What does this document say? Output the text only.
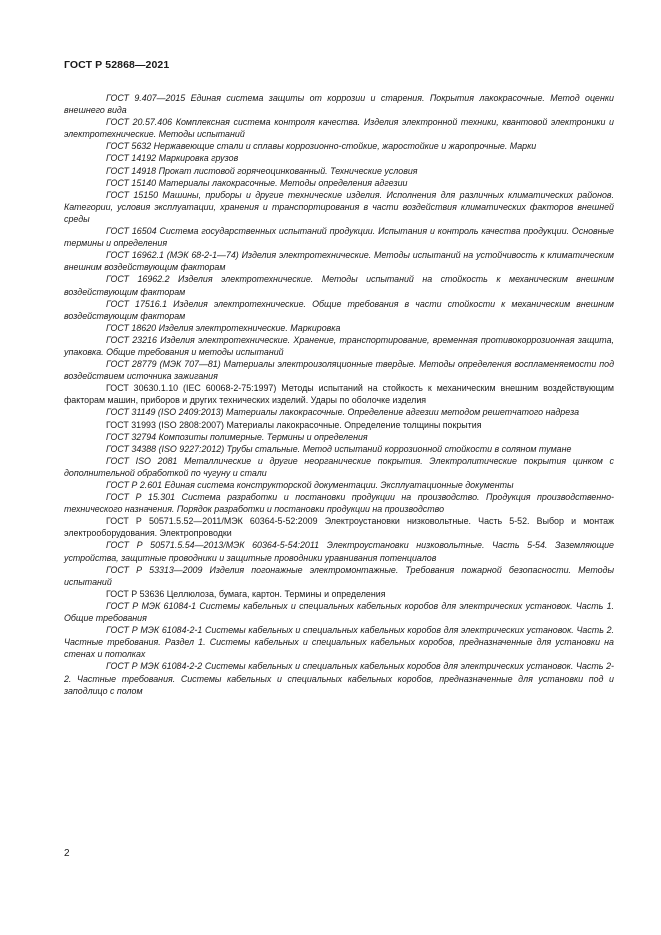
ГОСТ Р 52868—2021

ГОСТ 9.407—2015 Единая система защиты от коррозии и старения. Покрытия лакокрасочные. Метод оценки внешнего вида

ГОСТ 20.57.406 Комплексная система контроля качества. Изделия электронной техники, квантовой электроники и электротехнические. Методы испытаний

ГОСТ 5632 Нержавеющие стали и сплавы коррозионно-стойкие, жаростойкие и жаропрочные. Марки

ГОСТ 14192 Маркировка грузов

ГОСТ 14918 Прокат листовой горячеоцинкованный. Технические условия

ГОСТ 15140 Материалы лакокрасочные. Методы определения адгезии

ГОСТ 15150 Машины, приборы и другие технические изделия. Исполнения для различных климатических районов. Категории, условия эксплуатации, хранения и транспортирования в части воздействия климатических факторов внешней среды

ГОСТ 16504 Система государственных испытаний продукции. Испытания и контроль качества продукции. Основные термины и определения

ГОСТ 16962.1 (МЭК 68-2-1—74) Изделия электротехнические. Методы испытаний на устойчивость к климатическим внешним воздействующим факторам

ГОСТ 16962.2 Изделия электротехнические. Методы испытаний на стойкость к механическим внешним воздействующим факторам

ГОСТ 17516.1 Изделия электротехнические. Общие требования в части стойкости к механическим внешним воздействующим факторам

ГОСТ 18620 Изделия электротехнические. Маркировка

ГОСТ 23216 Изделия электротехнические. Хранение, транспортирование, временная противокоррозионная защита, упаковка. Общие требования и методы испытаний

ГОСТ 28779 (МЭК 707—81) Материалы электроизоляционные твердые. Методы определения воспламеняемости под воздействием источника зажигания

ГОСТ 30630.1.10 (IEC 60068-2-75:1997) Методы испытаний на стойкость к механическим внешним воздействующим факторам машин, приборов и других технических изделий. Удары по оболочке изделия

ГОСТ 31149 (ISO 2409:2013) Материалы лакокрасочные. Определение адгезии методом решетчатого надреза

ГОСТ 31993 (ISO 2808:2007) Материалы лакокрасочные. Определение толщины покрытия

ГОСТ 32794 Композиты полимерные. Термины и определения

ГОСТ 34388 (ISO 9227:2012) Трубы стальные. Метод испытаний коррозионной стойкости в соляном тумане

ГОСТ ISO 2081 Металлические и другие неорганические покрытия. Электролитические покрытия цинком с дополнительной обработкой по чугуну и стали

ГОСТ Р 2.601 Единая система конструкторской документации. Эксплуатационные документы

ГОСТ Р 15.301 Система разработки и постановки продукции на производство. Продукция производственно-технического назначения. Порядок разработки и постановки продукции на производство

ГОСТ Р 50571.5.52—2011/МЭК 60364-5-52:2009 Электроустановки низковольтные. Часть 5-52. Выбор и монтаж электрооборудования. Электропроводки

ГОСТ Р 50571.5.54—2013/МЭК 60364-5-54:2011 Электроустановки низковольтные. Часть 5-54. Заземляющие устройства, защитные проводники и защитные проводники уравнивания потенциалов

ГОСТ Р 53313—2009 Изделия погонажные электромонтажные. Требования пожарной безопасности. Методы испытаний

ГОСТ Р 53636 Целлюлоза, бумага, картон. Термины и определения

ГОСТ Р МЭК 61084-1 Системы кабельных и специальных кабельных коробов для электрических установок. Часть 1. Общие требования

ГОСТ Р МЭК 61084-2-1 Системы кабельных и специальных кабельных коробов для электрических установок. Часть 2. Частные требования. Раздел 1. Системы кабельных и специальных кабельных коробов, предназначенные для установки на стенах и потолках

ГОСТ Р МЭК 61084-2-2 Системы кабельных и специальных кабельных коробов для электрических установок. Часть 2-2. Частные требования. Системы кабельных и специальных кабельных коробов, предназначенные для установки под и заподлицо с полом

2
